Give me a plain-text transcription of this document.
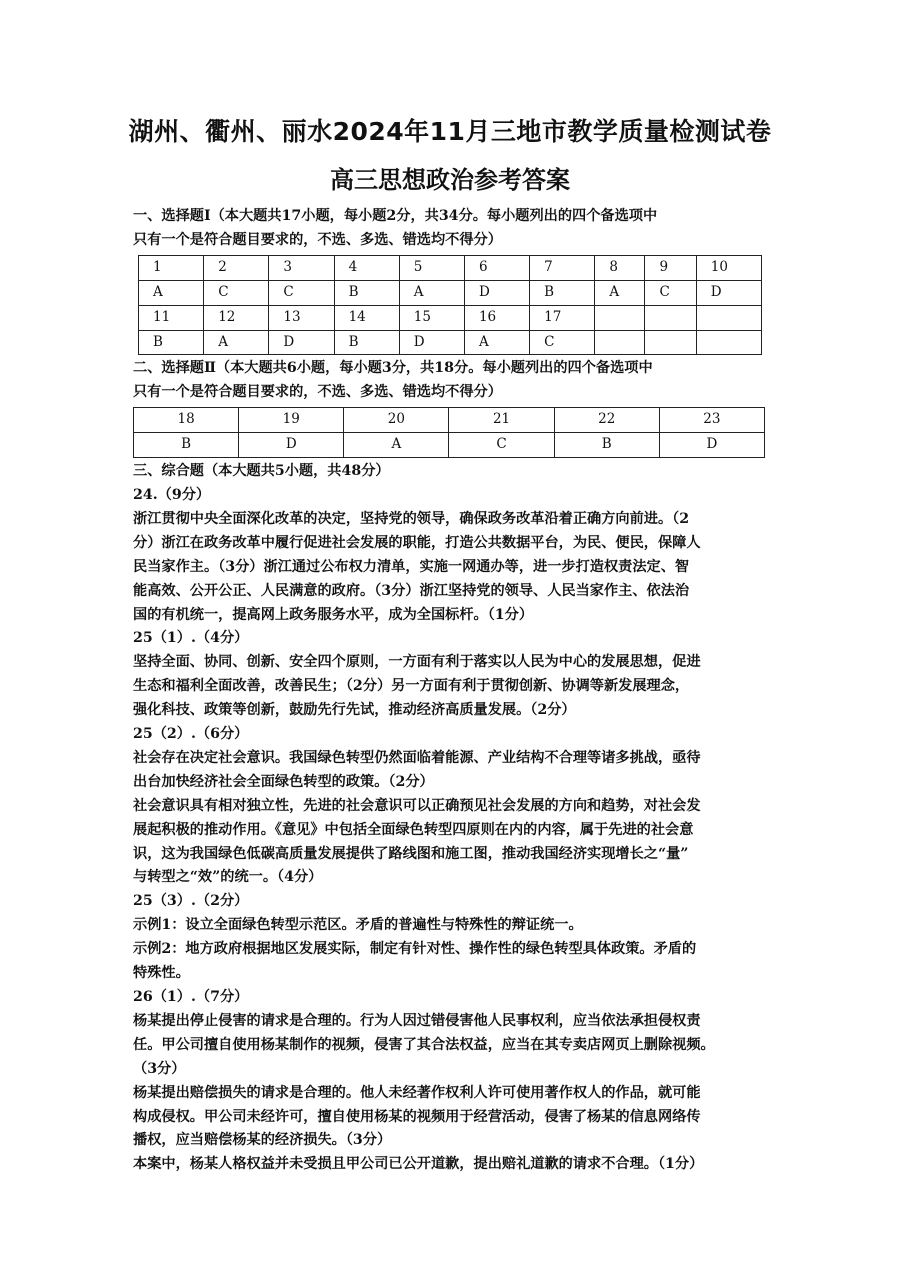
湖州、衢州、丽水2024年11月三地市教学质量检测试卷
高三思想政治参考答案

一、选择题Ⅰ（本大题共17小题，每小题2分，共34分。每小题列出的四个备选项中

只有一个是符合题目要求的，不选、多选、错选均不得分）

1	2	3	4	5	6	7	8	9	10
A	C	C	B	A	D	B	A	C	D
11	12	13	14	15	16	17			
B	A	D	B	D	A	C			

二、选择题Ⅱ（本大题共6小题，每小题3分，共18分。每小题列出的四个备选项中

只有一个是符合题目要求的，不选、多选、错选均不得分）

18	19	20	21	22	23
B	D	A	C	B	D

三、综合题（本大题共5小题，共48分）

24.（9分）

浙江贯彻中央全面深化改革的决定，坚持党的领导，确保政务改革沿着正确方向前进。（2

分）浙江在政务改革中履行促进社会发展的职能，打造公共数据平台，为民、便民，保障人

民当家作主。（3分）浙江通过公布权力清单，实施一网通办等，进一步打造权责法定、智

能高效、公开公正、人民满意的政府。（3分）浙江坚持党的领导、人民当家作主、依法治

国的有机统一，提高网上政务服务水平，成为全国标杆。（1分）

25（1）.（4分）

坚持全面、协同、创新、安全四个原则，一方面有利于落实以人民为中心的发展思想，促进

生态和福利全面改善，改善民生；（2分）另一方面有利于贯彻创新、协调等新发展理念，

强化科技、政策等创新，鼓励先行先试，推动经济高质量发展。（2分）

25（2）.（6分）

社会存在决定社会意识。我国绿色转型仍然面临着能源、产业结构不合理等诸多挑战，亟待

出台加快经济社会全面绿色转型的政策。（2分）

社会意识具有相对独立性，先进的社会意识可以正确预见社会发展的方向和趋势，对社会发

展起积极的推动作用。《意见》中包括全面绿色转型四原则在内的内容，属于先进的社会意

识，这为我国绿色低碳高质量发展提供了路线图和施工图，推动我国经济实现增长之“量”

与转型之“效”的统一。（4分）

25（3）.（2分）

示例1：设立全面绿色转型示范区。矛盾的普遍性与特殊性的辩证统一。

示例2：地方政府根据地区发展实际，制定有针对性、操作性的绿色转型具体政策。矛盾的

特殊性。

26（1）.（7分）

杨某提出停止侵害的请求是合理的。行为人因过错侵害他人民事权利，应当依法承担侵权责

任。甲公司擅自使用杨某制作的视频，侵害了其合法权益，应当在其专卖店网页上删除视频。

（3分）

杨某提出赔偿损失的请求是合理的。他人未经著作权利人许可使用著作权人的作品，就可能

构成侵权。甲公司未经许可，擅自使用杨某的视频用于经营活动，侵害了杨某的信息网络传

播权，应当赔偿杨某的经济损失。（3分）

本案中，杨某人格权益并未受损且甲公司已公开道歉，提出赔礼道歉的请求不合理。（1分）
